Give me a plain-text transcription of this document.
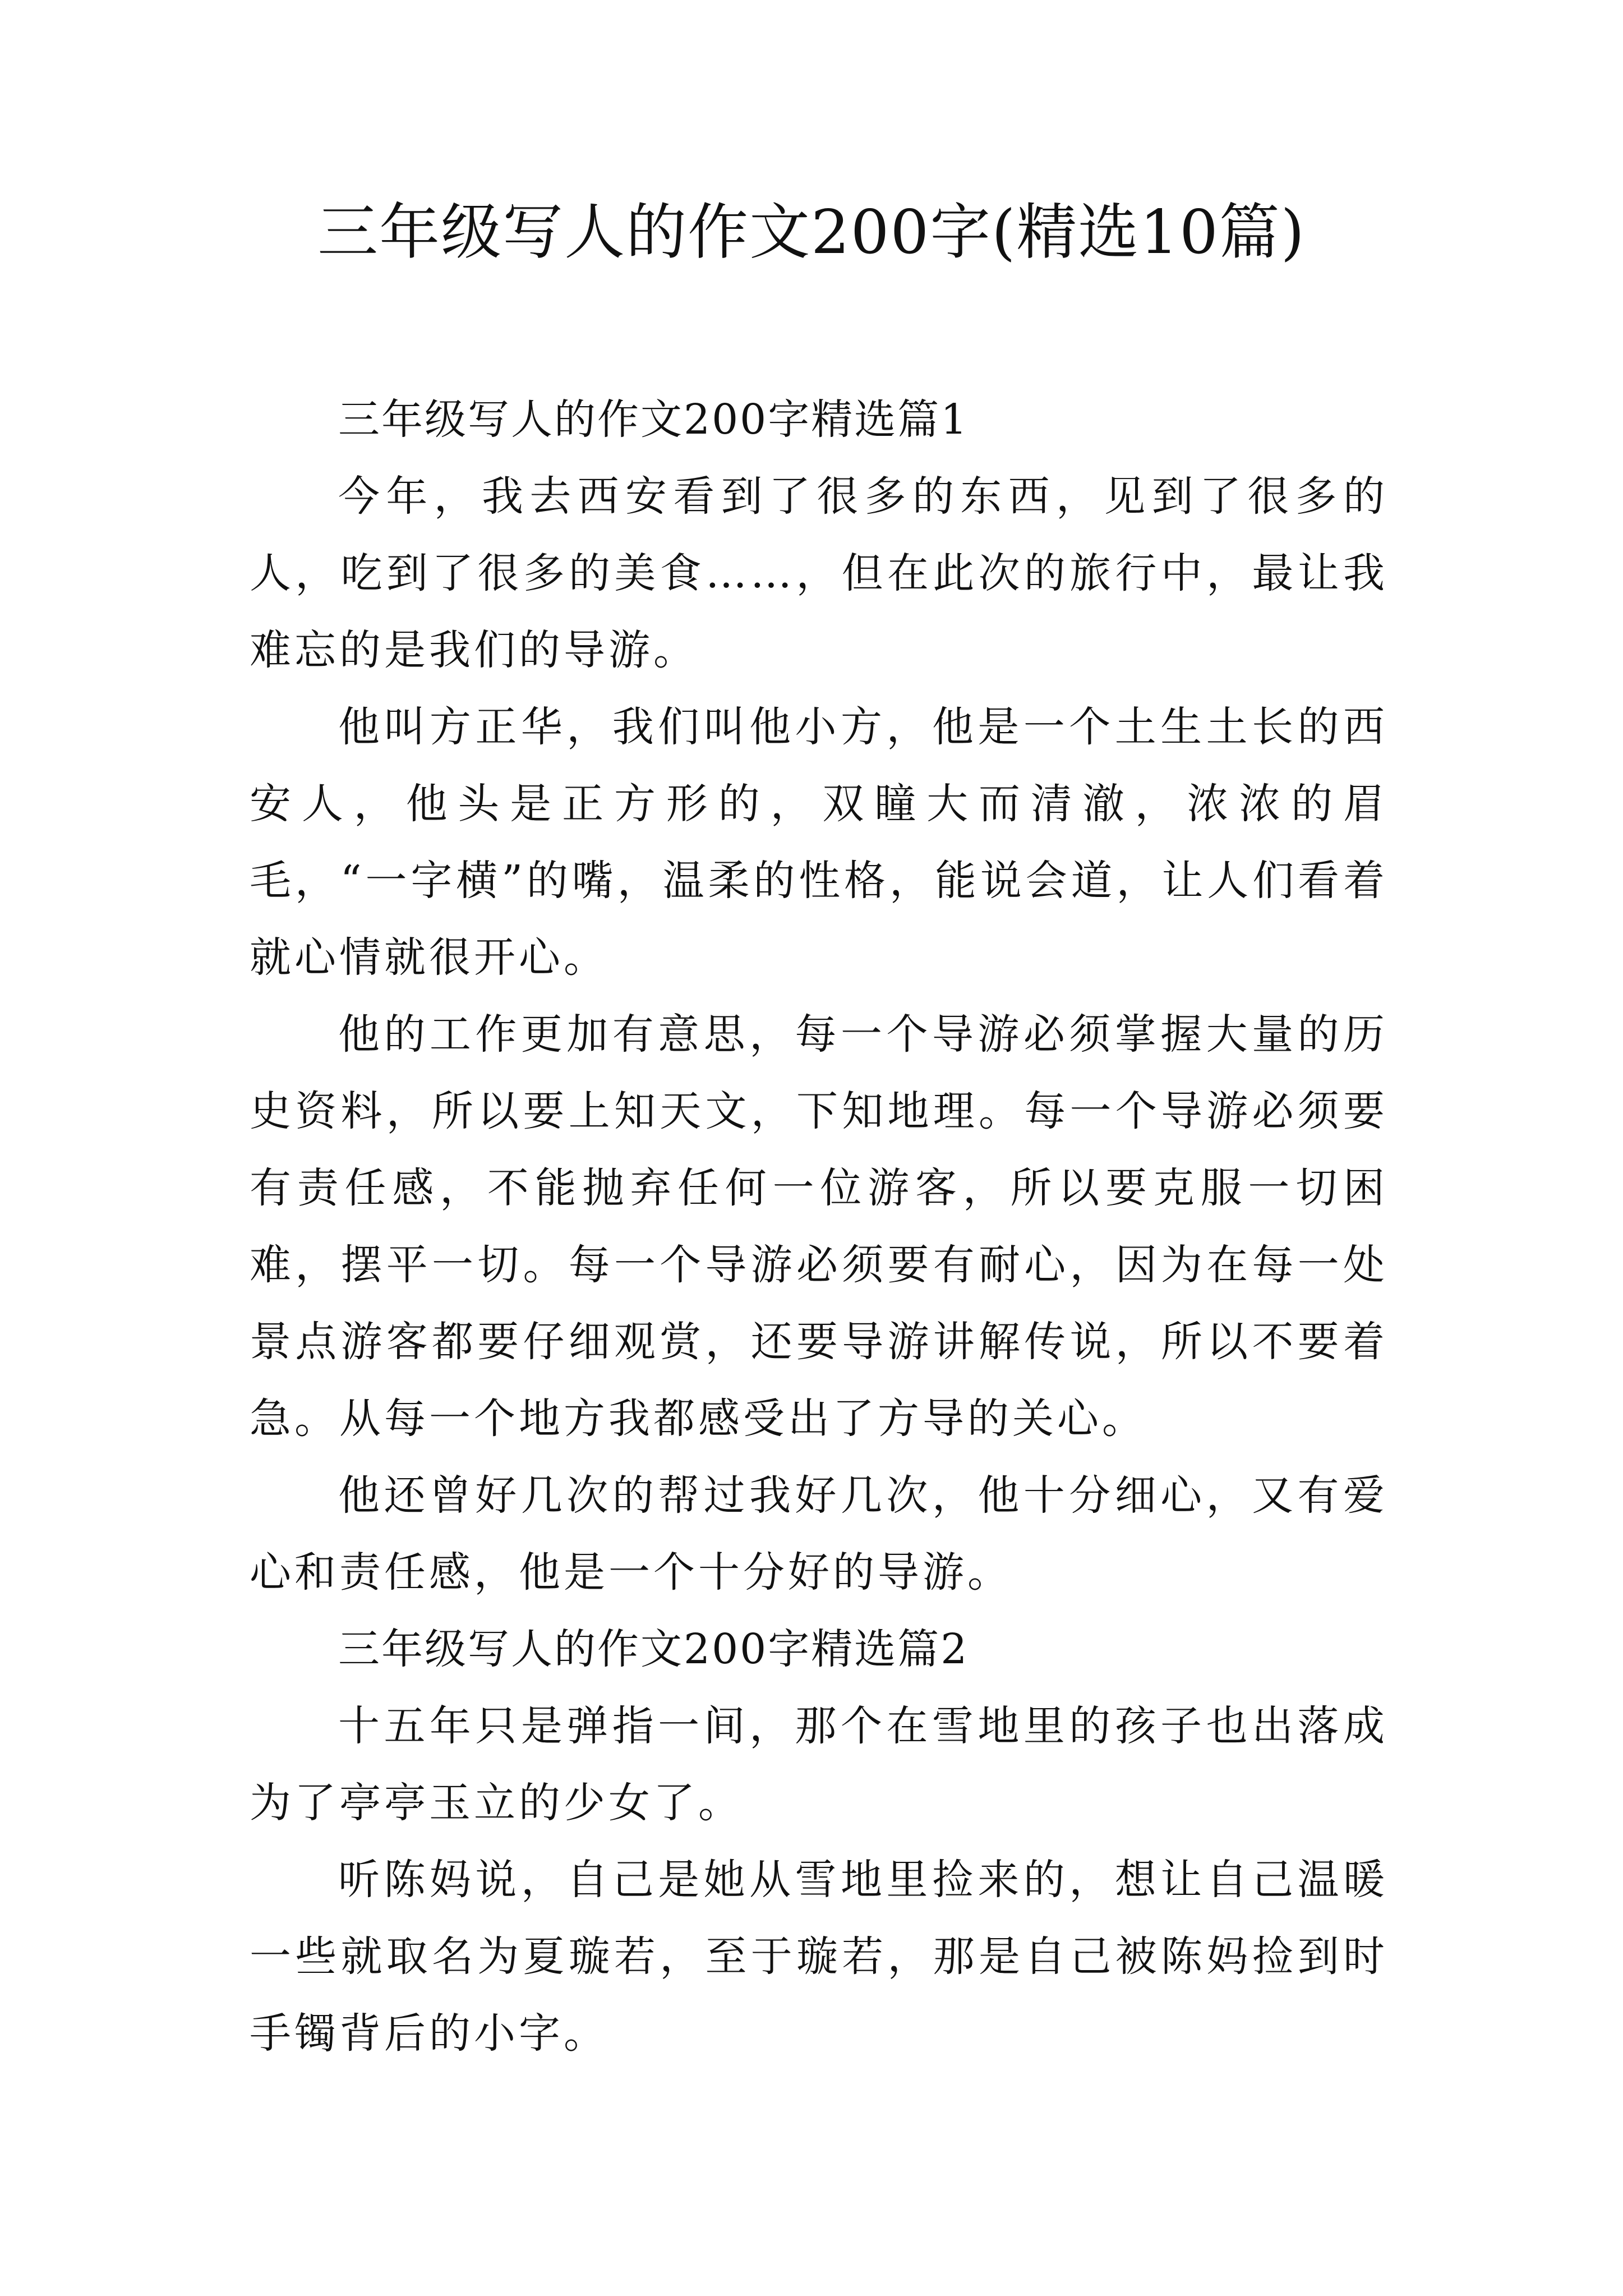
三年级写人的作文200字(精选10篇)

三年级写人的作文200字精选篇1

今年，我去西安看到了很多的东西，见到了很多的人，吃到了很多的美食……，但在此次的旅行中，最让我难忘的是我们的导游。

他叫方正华，我们叫他小方，他是一个土生土长的西安人，他头是正方形的，双瞳大而清澈，浓浓的眉毛，“一字横”的嘴，温柔的性格，能说会道，让人们看着就心情就很开心。

他的工作更加有意思，每一个导游必须掌握大量的历史资料，所以要上知天文，下知地理。每一个导游必须要有责任感，不能抛弃任何一位游客，所以要克服一切困难，摆平一切。每一个导游必须要有耐心，因为在每一处景点游客都要仔细观赏，还要导游讲解传说，所以不要着急。从每一个地方我都感受出了方导的关心。

他还曾好几次的帮过我好几次，他十分细心，又有爱心和责任感，他是一个十分好的导游。

三年级写人的作文200字精选篇2

十五年只是弹指一间，那个在雪地里的孩子也出落成为了亭亭玉立的少女了。

听陈妈说，自己是她从雪地里捡来的，想让自己温暖一些就取名为夏璇若，至于璇若，那是自己被陈妈捡到时手镯背后的小字。
